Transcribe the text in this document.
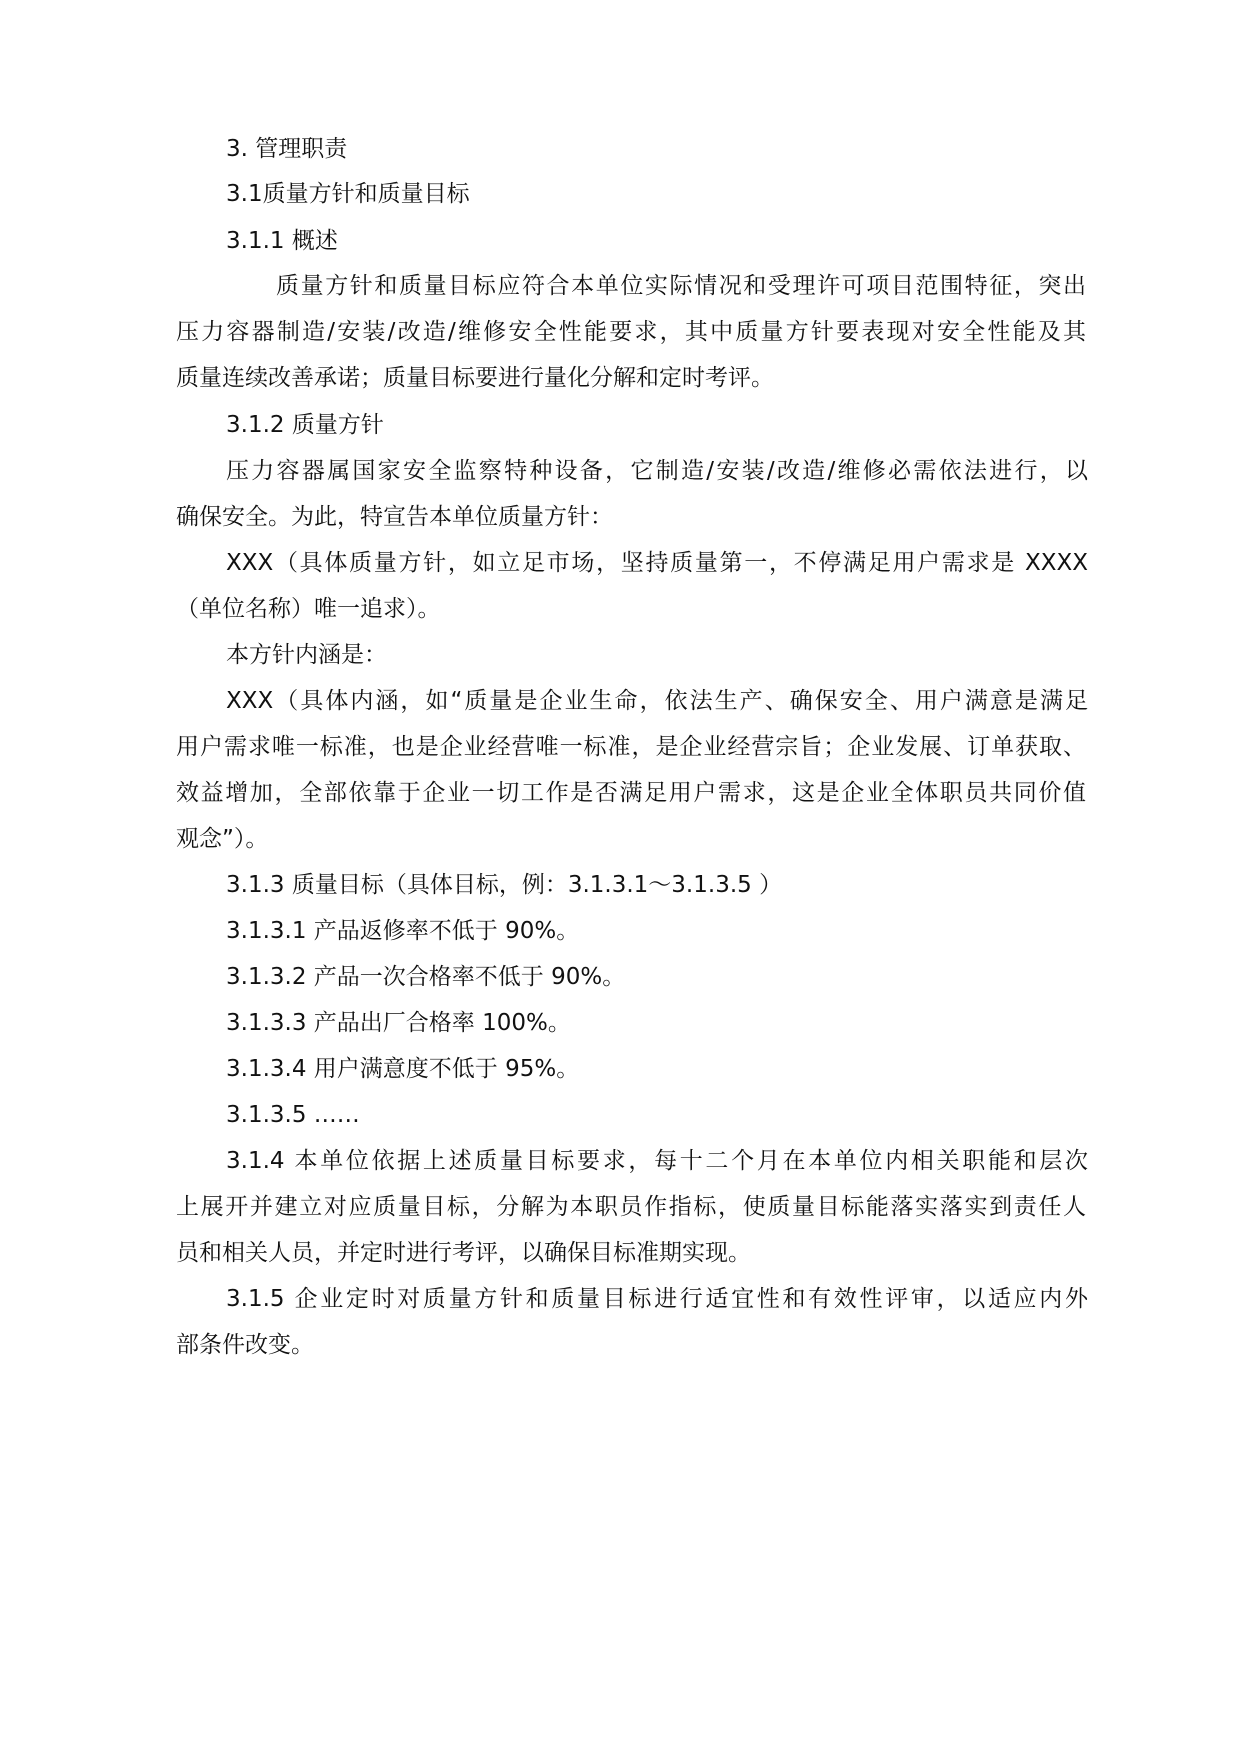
3. 管理职责

3.1质量方针和质量目标

3.1.1 概述

质量方针和质量目标应符合本单位实际情况和受理许可项目范围特征，突出

压力容器制造/安装/改造/维修安全性能要求，其中质量方针要表现对安全性能及其

质量连续改善承诺；质量目标要进行量化分解和定时考评。

3.1.2 质量方针

压力容器属国家安全监察特种设备，它制造/安装/改造/维修必需依法进行，以

确保安全。为此，特宣告本单位质量方针：

XXX（具体质量方针，如立足市场，坚持质量第一，不停满足用户需求是 XXXX

（单位名称）唯一追求）。

本方针内涵是：

XXX（具体内涵，如“质量是企业生命，依法生产、确保安全、用户满意是满足

用户需求唯一标准，也是企业经营唯一标准，是企业经营宗旨；企业发展、订单获取、

效益增加，全部依靠于企业一切工作是否满足用户需求，这是企业全体职员共同价值

观念”）。

3.1.3 质量目标（具体目标，例：3.1.3.1～3.1.3.5 ）

3.1.3.1 产品返修率不低于 90%。

3.1.3.2 产品一次合格率不低于 90%。

3.1.3.3 产品出厂合格率 100%。

3.1.3.4 用户满意度不低于 95%。

3.1.3.5 ……

3.1.4 本单位依据上述质量目标要求，每十二个月在本单位内相关职能和层次

上展开并建立对应质量目标，分解为本职员作指标，使质量目标能落实落实到责任人

员和相关人员，并定时进行考评，以确保目标准期实现。

3.1.5 企业定时对质量方针和质量目标进行适宜性和有效性评审，以适应内外

部条件改变。
